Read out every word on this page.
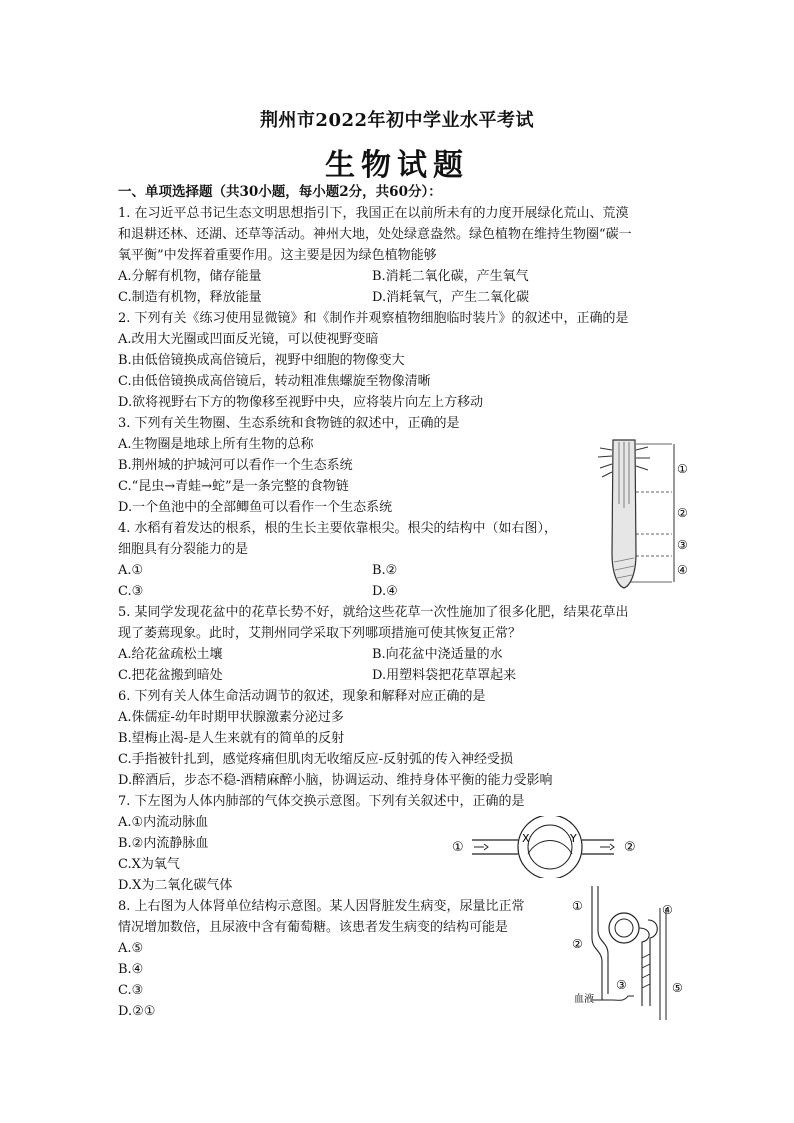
荆州市2022年初中学业水平考试
生物试题
一、单项选择题（共30小题，每小题2分，共60分）：
1. 在习近平总书记生态文明思想指引下，我国正在以前所未有的力度开展绿化荒山、荒漠
和退耕还林、还湖、还草等活动。神州大地，处处绿意盎然。绿色植物在维持生物圈“碳一
氧平衡”中发挥着重要作用。这主要是因为绿色植物能够
A.分解有机物，储存能量	B.消耗二氧化碳，产生氧气
C.制造有机物，释放能量	D.消耗氧气，产生二氧化碳
2. 下列有关《练习使用显微镜》和《制作并观察植物细胞临时装片》的叙述中，正确的是
A.改用大光圈或凹面反光镜，可以使视野变暗
B.由低倍镜换成高倍镜后，视野中细胞的物像变大
C.由低倍镜换成高倍镜后，转动粗准焦螺旋至物像清晰
D.欲将视野右下方的物像移至视野中央，应将装片向左上方移动
3. 下列有关生物圈、生态系统和食物链的叙述中，正确的是
A.生物圈是地球上所有生物的总称
B.荆州城的护城河可以看作一个生态系统
C.“昆虫→青蛙→蛇”是一条完整的食物链
D.一个鱼池中的全部鲫鱼可以看作一个生态系统
4. 水稻有着发达的根系，根的生长主要依靠根尖。根尖的结构中（如右图），
细胞具有分裂能力的是
A.①	B.②
C.③	D.④
5. 某同学发现花盆中的花草长势不好，就给这些花草一次性施加了很多化肥，结果花草出
现了萎蔫现象。此时，艾荆州同学采取下列哪项措施可使其恢复正常？
A.给花盆疏松土壤	B.向花盆中浇适量的水
C.把花盆搬到暗处	D.用塑料袋把花草罩起来
6. 下列有关人体生命活动调节的叙述，现象和解释对应正确的是
A.侏儒症-幼年时期甲状腺激素分泌过多
B.望梅止渴-是人生来就有的简单的反射
C.手指被针扎到，感觉疼痛但肌肉无收缩反应-反射弧的传入神经受损
D.醉酒后，步态不稳-酒精麻醉小脑，协调运动、维持身体平衡的能力受影响
7. 下左图为人体内肺部的气体交换示意图。下列有关叙述中，正确的是
A.①内流动脉血
B.②内流静脉血
C.X为氧气
D.X为二氧化碳气体
8. 上右图为人体肾单位结构示意图。某人因肾脏发生病变，尿量比正常
情况增加数倍，且尿液中含有葡萄糖。该患者发生病变的结构可能是
A.⑤
B.④
C.③
D.②①
①
②
③
④
①	②
X	Y
①
②
③
④
⑤
血液
